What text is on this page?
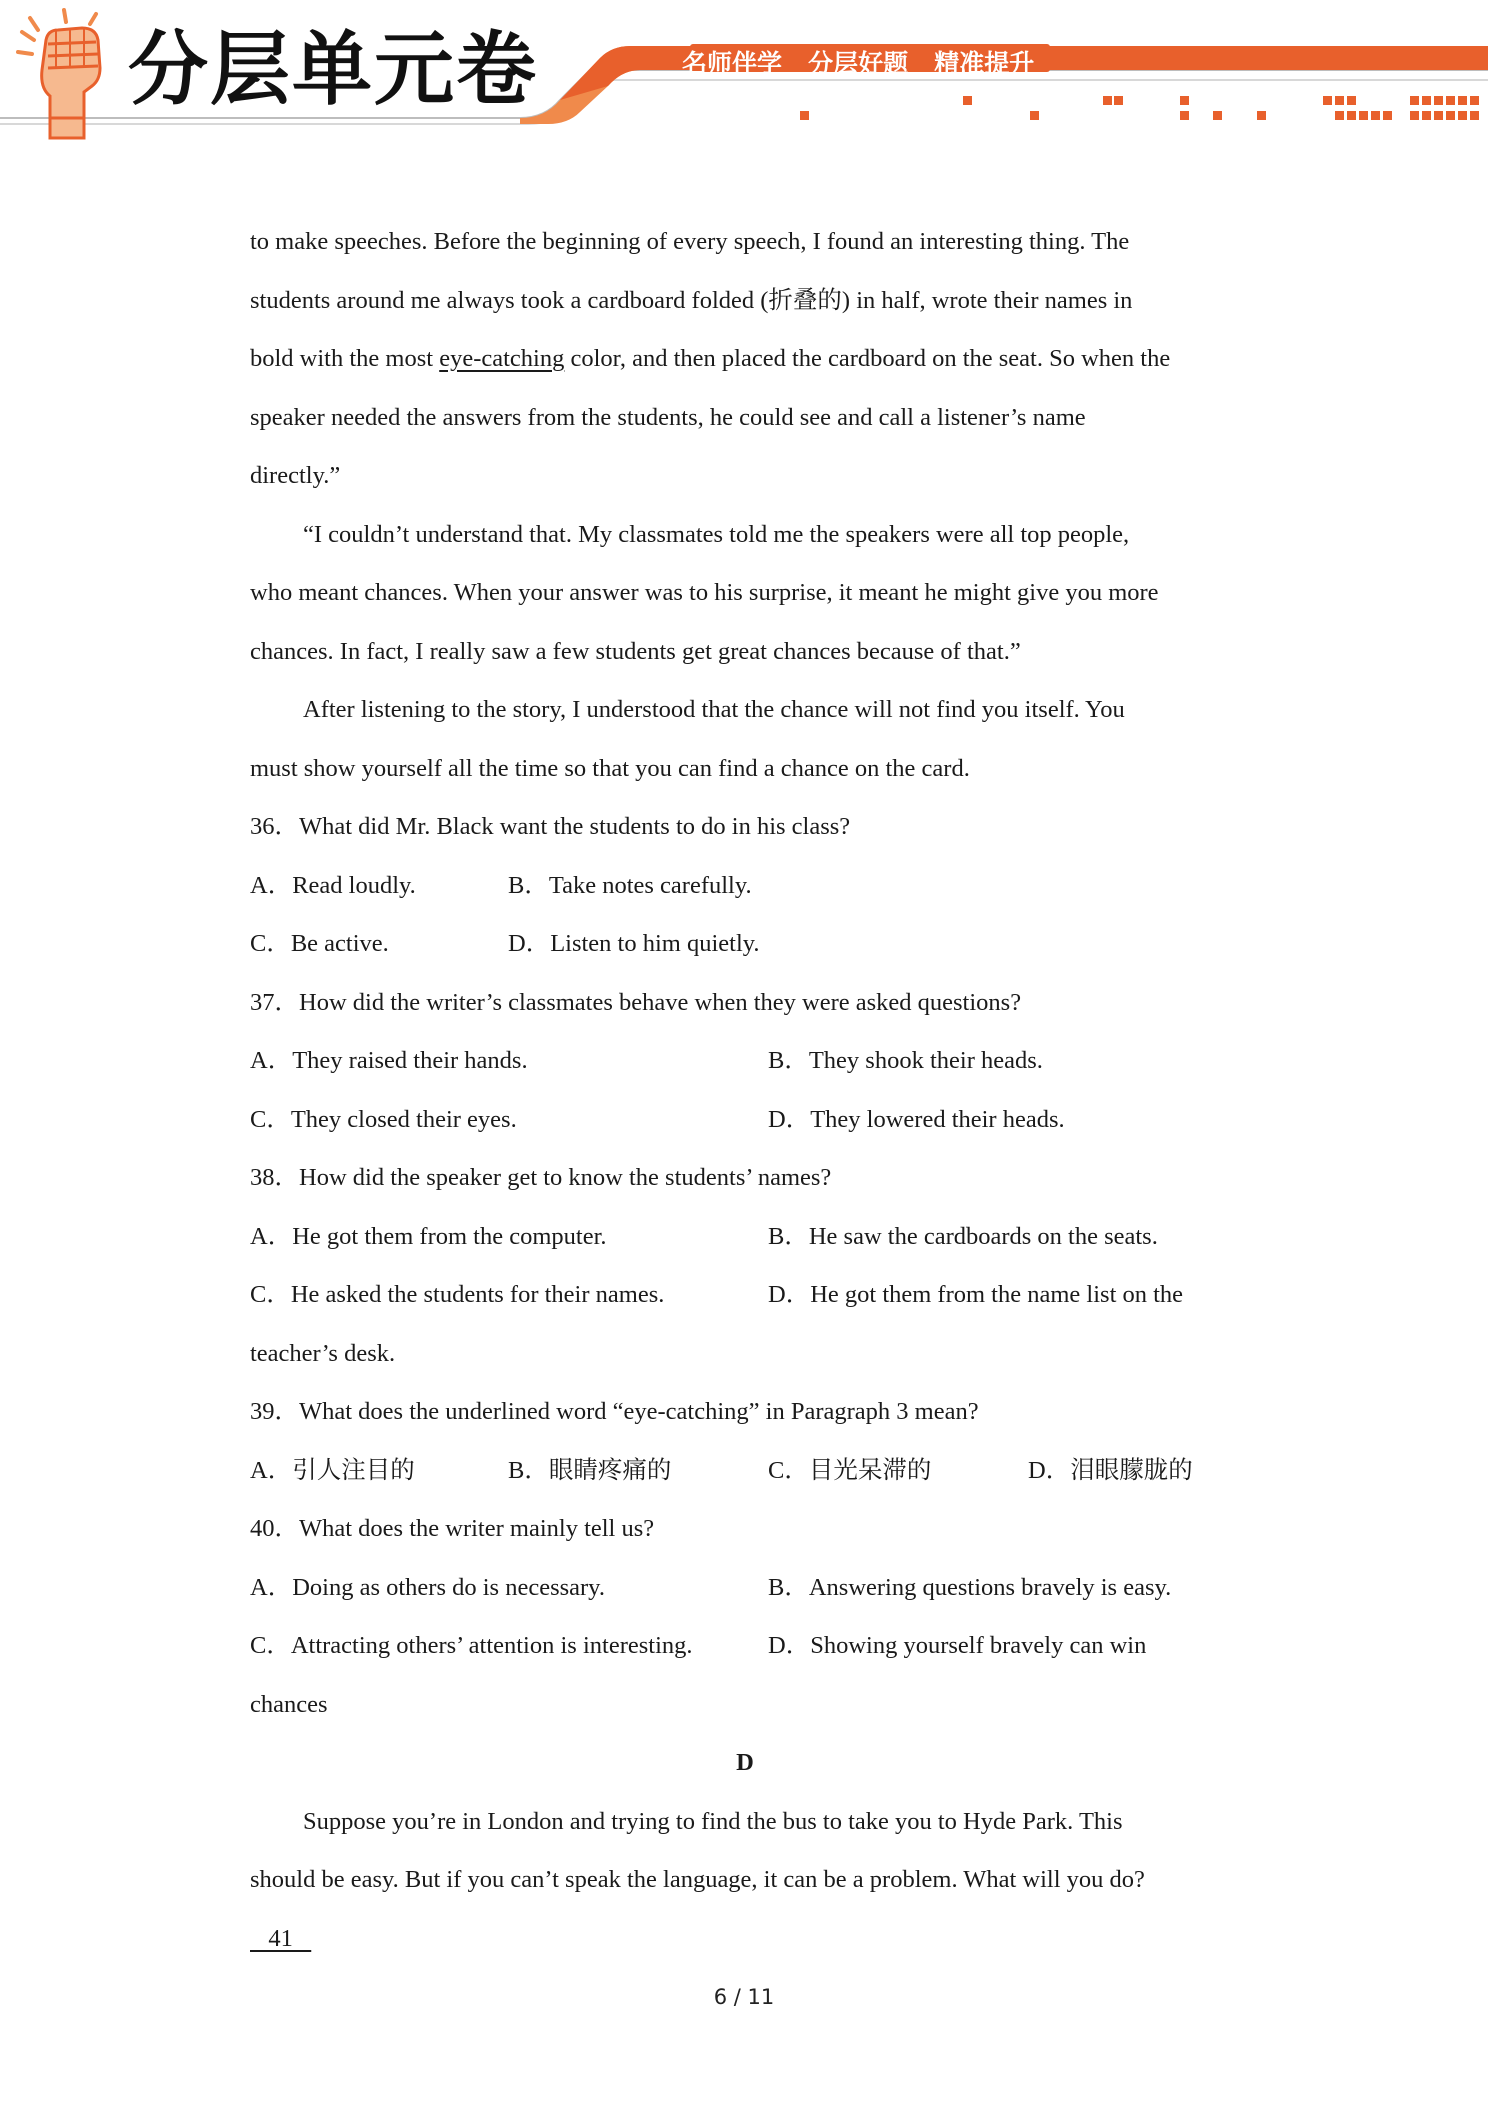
分层单元卷	名师伴学   分层好题   精准提升

to make speeches. Before the beginning of every speech, I found an interesting thing. The

students around me always took a cardboard folded (折叠的) in half, wrote their names in

bold with the most eye-catching color, and then placed the cardboard on the seat. So when the

speaker needed the answers from the students, he could see and call a listener’s name

directly.”

“I couldn’t understand that. My classmates told me the speakers were all top people,

who meant chances. When your answer was to his surprise, it meant he might give you more

chances. In fact, I really saw a few students get great chances because of that.”

After listening to the story, I understood that the chance will not find you itself. You

must show yourself all the time so that you can find a chance on the card.

36．What did Mr. Black want the students to do in his class?

A．Read loudly.	B．Take notes carefully.
C．Be active.	D．Listen to him quietly.

37．How did the writer’s classmates behave when they were asked questions?

A．They raised their hands.	B．They shook their heads.
C．They closed their eyes.	D．They lowered their heads.

38．How did the speaker get to know the students’ names?

A．He got them from the computer.	B．He saw the cardboards on the seats.
C．He asked the students for their names.	D．He got them from the name list on the

teacher’s desk.

39．What does the underlined word “eye-catching” in Paragraph 3 mean?

A．引人注目的	B．眼睛疼痛的	C．目光呆滞的	D．泪眼朦胧的

40．What does the writer mainly tell us?

A．Doing as others do is necessary.	B．Answering questions bravely is easy.
C．Attracting others’ attention is interesting.	D．Showing yourself bravely can win

chances

D

Suppose you’re in London and trying to find the bus to take you to Hyde Park. This

should be easy. But if you can’t speak the language, it can be a problem. What will you do?

41

6 / 11
